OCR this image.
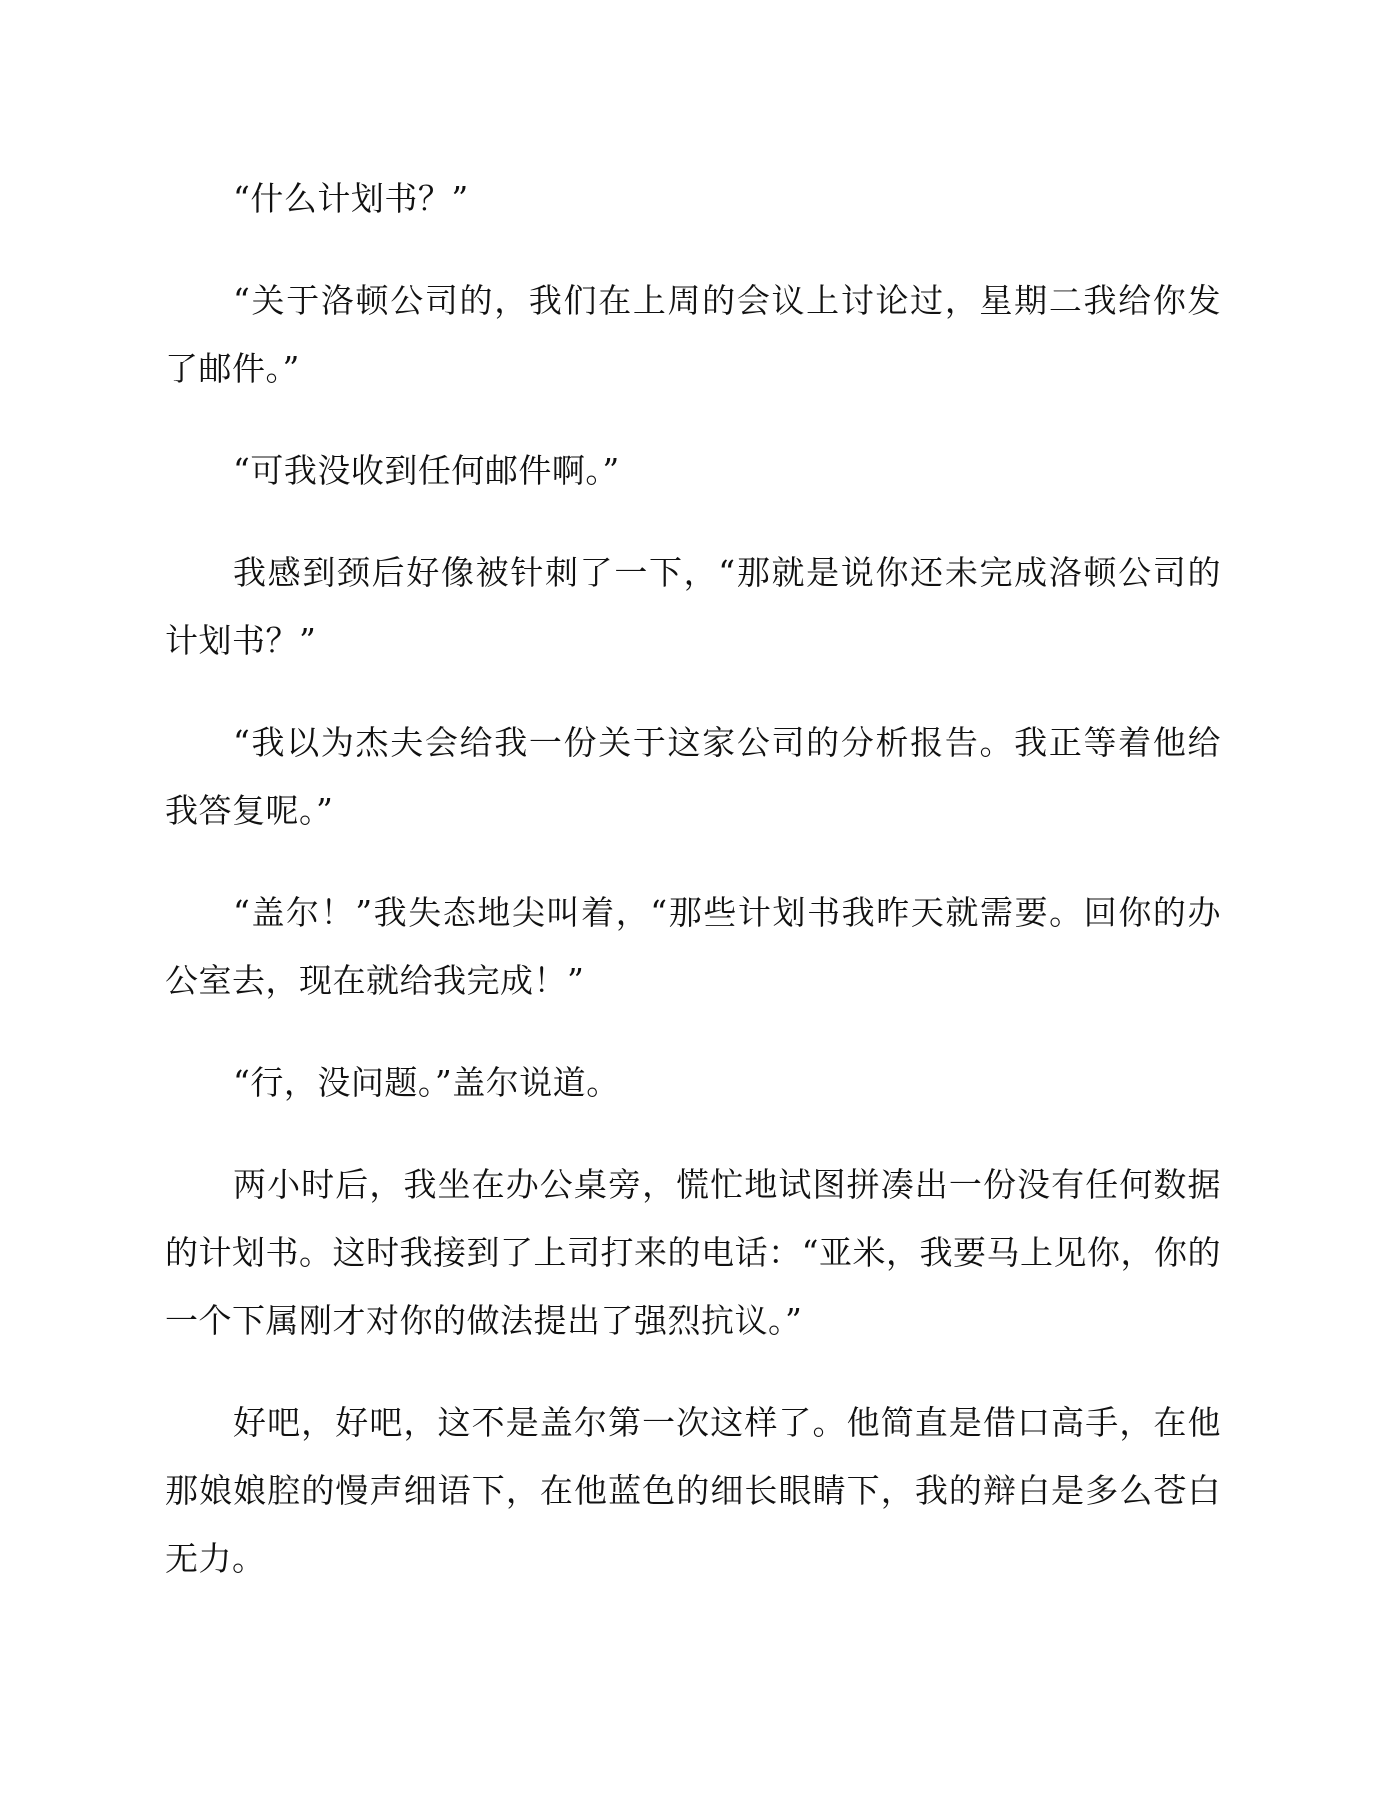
“什么计划书？”

“关于洛顿公司的，我们在上周的会议上讨论过，星期二我给你发了邮件。”

“可我没收到任何邮件啊。”

我感到颈后好像被针刺了一下，“那就是说你还未完成洛顿公司的计划书？”

“我以为杰夫会给我一份关于这家公司的分析报告。我正等着他给我答复呢。”

“盖尔！”我失态地尖叫着，“那些计划书我昨天就需要。回你的办公室去，现在就给我完成！”

“行，没问题。”盖尔说道。

两小时后，我坐在办公桌旁，慌忙地试图拼凑出一份没有任何数据的计划书。这时我接到了上司打来的电话：“亚米，我要马上见你，你的一个下属刚才对你的做法提出了强烈抗议。”

好吧，好吧，这不是盖尔第一次这样了。他简直是借口高手，在他那娘娘腔的慢声细语下，在他蓝色的细长眼睛下，我的辩白是多么苍白无力。
